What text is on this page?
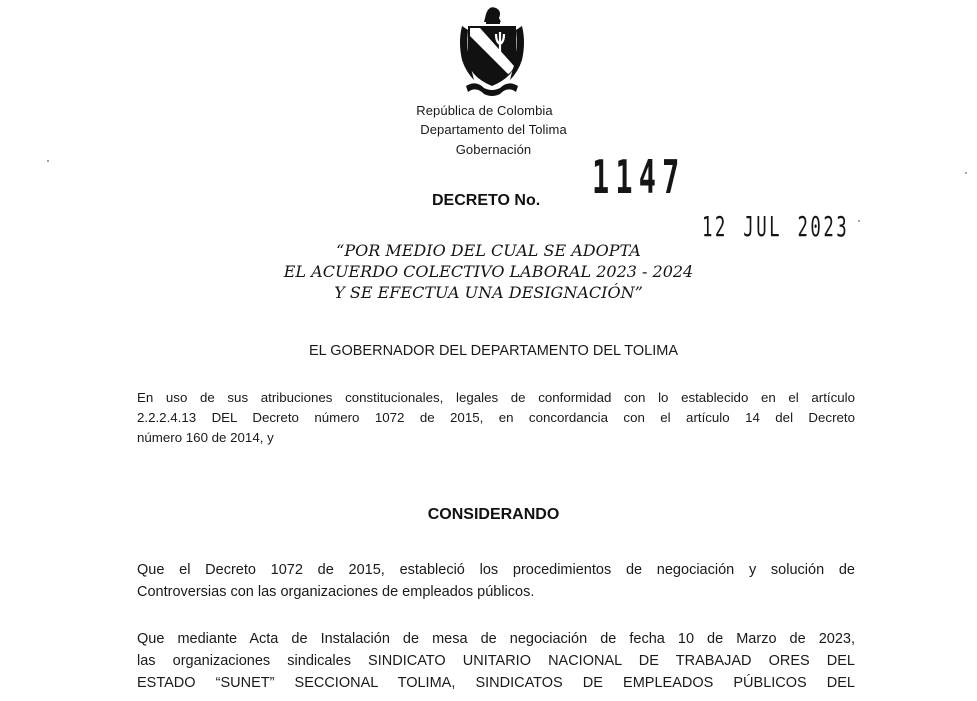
República de Colombia
Departamento del Tolima
Gobernación
DECRETO No. 1147
12 JUL 2023
“POR MEDIO DEL CUAL SE ADOPTA
EL ACUERDO COLECTIVO LABORAL 2023 - 2024
Y SE EFECTUA UNA DESIGNACIÓN”
EL GOBERNADOR DEL DEPARTAMENTO DEL TOLIMA
En uso de sus atribuciones constitucionales, legales de conformidad con lo establecido en el artículo
2.2.2.4.13 DEL Decreto número 1072 de 2015, en concordancia con el artículo 14 del Decreto
número 160 de 2014, y
CONSIDERANDO
Que el Decreto 1072 de 2015, estableció los procedimientos de negociación y solución de
Controversias con las organizaciones de empleados públicos.
Que mediante Acta de Instalación de mesa de negociación de fecha 10 de Marzo de 2023,
las organizaciones sindicales SINDICATO UNITARIO NACIONAL DE TRABAJAD ORES DEL
ESTADO “SUNET” SECCIONAL TOLIMA, SINDICATOS DE EMPLEADOS PÚBLICOS DEL
